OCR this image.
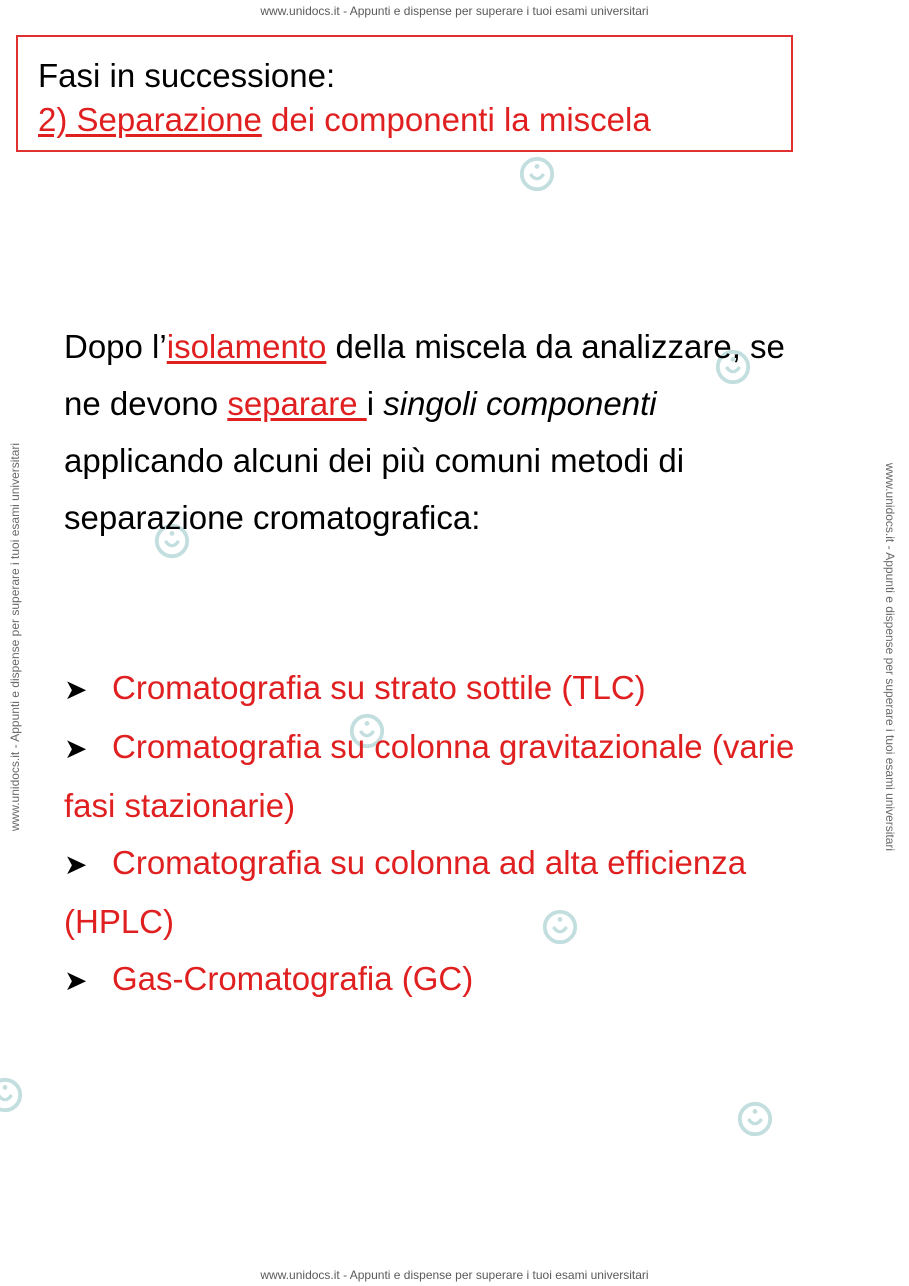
www.unidocs.it - Appunti e dispense per superare i tuoi esami universitari
www.unidocs.it - Appunti e dispense per superare i tuoi esami universitari
www.unidocs.it - Appunti e dispense per superare i tuoi esami universitari	www.unidocs.it - Appunti e dispense per superare i tuoi esami universitari
Fasi in successione:
2) Separazione dei componenti la miscela
Dopo l’isolamento della miscela da analizzare, se ne devono separare i singoli componenti applicando alcuni dei più comuni metodi di separazione cromatografica:
➤ Cromatografia su strato sottile (TLC)
➤ Cromatografia su colonna gravitazionale (varie fasi stazionarie)
➤ Cromatografia su colonna ad alta efficienza (HPLC)
➤ Gas-Cromatografia (GC)
